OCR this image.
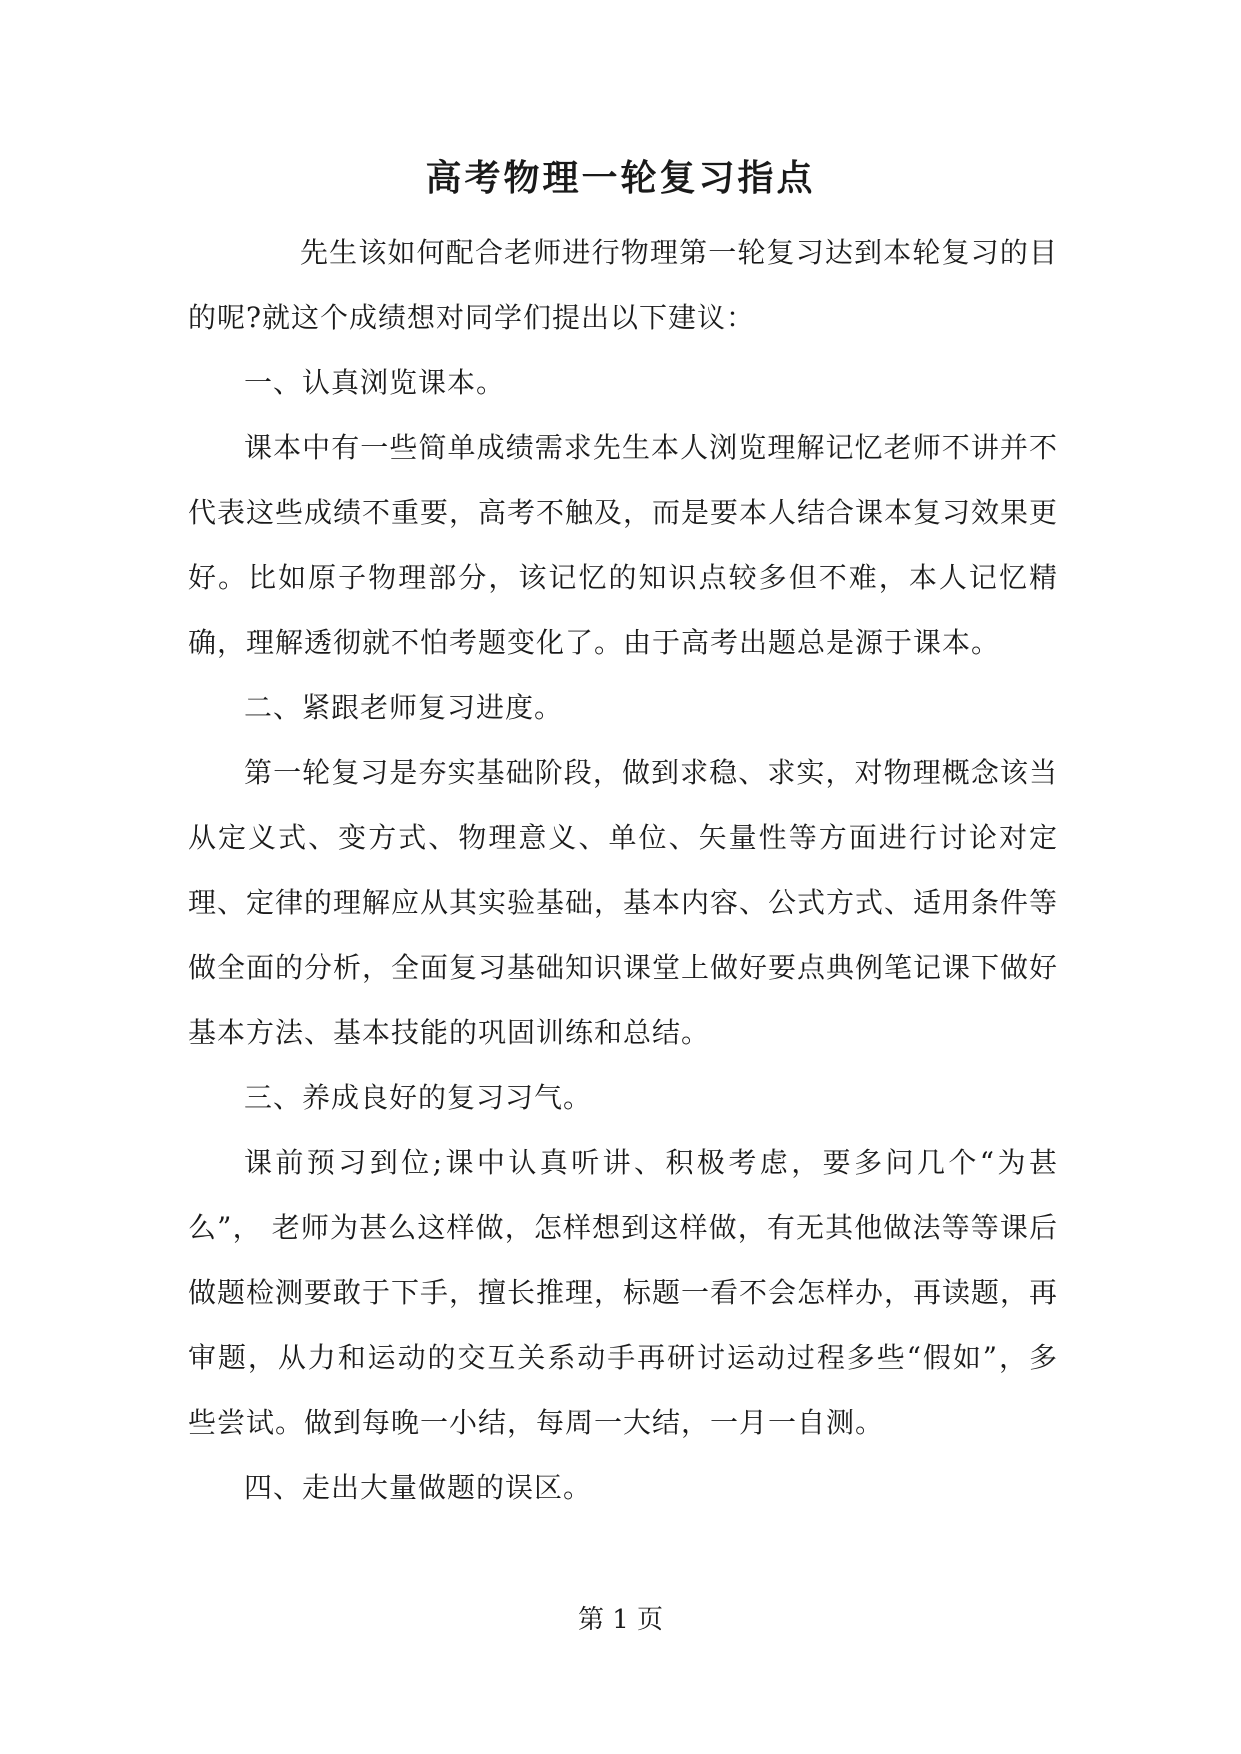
高考物理一轮复习指点

先生该如何配合老师进行物理第一轮复习达到本轮复习的目的呢?就这个成绩想对同学们提出以下建议：

一、认真浏览课本。

课本中有一些简单成绩需求先生本人浏览理解记忆老师不讲并不代表这些成绩不重要，高考不触及，而是要本人结合课本复习效果更好。比如原子物理部分，该记忆的知识点较多但不难，本人记忆精确，理解透彻就不怕考题变化了。由于高考出题总是源于课本。

二、紧跟老师复习进度。

第一轮复习是夯实基础阶段，做到求稳、求实，对物理概念该当从定义式、变方式、物理意义、单位、矢量性等方面进行讨论对定理、定律的理解应从其实验基础，基本内容、公式方式、适用条件等做全面的分析，全面复习基础知识课堂上做好要点典例笔记课下做好基本方法、基本技能的巩固训练和总结。

三、养成良好的复习习气。

课前预习到位;课中认真听讲、积极考虑，要多问几个“为甚么”， 老师为甚么这样做，怎样想到这样做，有无其他做法等等课后做题检测要敢于下手，擅长推理，标题一看不会怎样办，再读题，再审题，从力和运动的交互关系动手再研讨运动过程多些“假如”，多些尝试。做到每晚一小结，每周一大结，一月一自测。

四、走出大量做题的误区。

第 1 页
